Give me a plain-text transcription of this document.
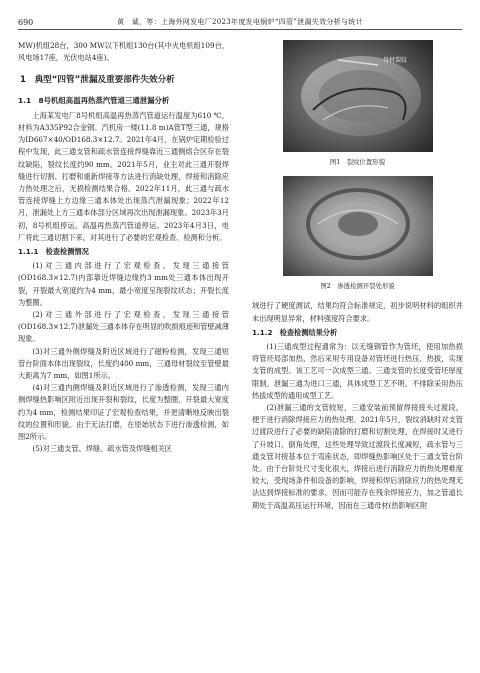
690	黄　诚，等：上海外网发电厂2023年度发电锅炉“四管”泄漏失效分析与统计

MW)机组28台，300 MW以下机组130台(其中火电机组109台，风电场17座，光伏电站4座)。

1　典型“四管”泄漏及重要部件失效分析
1.1　8号机组高温再热蒸汽管道三通泄漏分析

上海某发电厂8号机组高温再热蒸汽管道运行温度为610 ℃，材料为A335P92合金钢。汽机房一楼(11.8 m)A管T型三通，规格为ID667×40/OD168.3×12.7。2021年4月，在锅炉定期检验过程中发现，此三通支管和疏水管连接焊缝靠近三通侧熔合区存在裂纹缺陷，裂纹长度约90 mm。2021年5月，业主对此三通开裂焊缝进行切割、打磨和重新焊接等方法进行消缺处理，焊接和消除应力热处理之后，无损检测结果合格。2022年11月，此三通与疏水管连接焊缝上方边缘三通本体处出现蒸汽泄漏现象；2022年12月，泄漏处上方三通本体部分区域再次出现泄漏现象。2023年3月初，8号机组停运，高温再热蒸汽管道停运。2023年4月3日，电厂将此三通切割下来，对其进行了必要的宏观检查、检测和分析。

1.1.1　检查检测情况

(1)对三通内部进行了宏观检查，发现三通接管(OD168.3×12.7)内部靠近焊缝边缘约3 mm处三通本体出现开裂，开裂最大宽度约为4 mm，最小宽度呈现裂纹状态；开裂长度为整圈。

(2)对三通外部进行了宏观检查，发现三通接管(OD168.3×12.7)泄漏处三通本体存在明显的吹损痕迹和管壁减薄现象。

(3)对三通外侧焊缝及附近区域进行了磁粉检测，发现三通短管台阶面本体出现裂纹，长度约400 mm，三通母材裂纹至管壁最大距离为7 mm，如图1所示。

(4)对三通内侧焊缝及附近区域进行了渗透检测，发现三通内侧焊缝热影响区附近出现开裂和裂纹，长度为整圈，开裂最大宽度约为4 mm，检测结果印证了宏观检查结果，并更清晰地反映出裂纹的位置和形貌。由于无法打磨，在原始状态下进行渗透检测，如图2所示。

(5)对三通支管、焊缝、疏水管及焊缝相关区

母材裂纹
图1　裂纹位置形貌
图2　渗透检测开裂处形貌

域进行了硬度测试，结果均符合标准规定，初步说明材料的组织并未出现明显异常，材料强度符合要求。

1.1.2　检查检测结果分析

(1)三通成型过程通常为：以无缝钢管作为管坯，使用加热损将管坯局部加热，然后采用专用设备对管坯进行热压、热拔，实现支管的成型。该工艺可一次成型三通。三通支管的长度受管坯厚度限制。泄漏三通为进口三通，具体成型工艺不明，不排除采用热压热拔成型的通用成型工艺。

(2)泄漏三通的支管较短，三通安装前预留焊接接头过渡段，便于进行消除焊接应力的热处理。2021年5月，裂纹消缺时对支管过渡段进行了必要的缺陷清除的打磨和切割处理，在焊接时又进行了升坡口、倒角处理，这些处理导致过渡段长度减短，疏水管与三通支管对接基本位于弯座状态，即焊缝热影响区处于三通支管台阶处。由于台阶处尺寸变化很大，焊接后进行消除应力的热处理难度较大，受现场条件和设备的影响，焊接和焊后消除应力的热处理无法达到焊接标准的要求，因而可能存在残余焊接应力，加之管道长期处于高温高压运行环境，因而在三通母材(热影响区附
